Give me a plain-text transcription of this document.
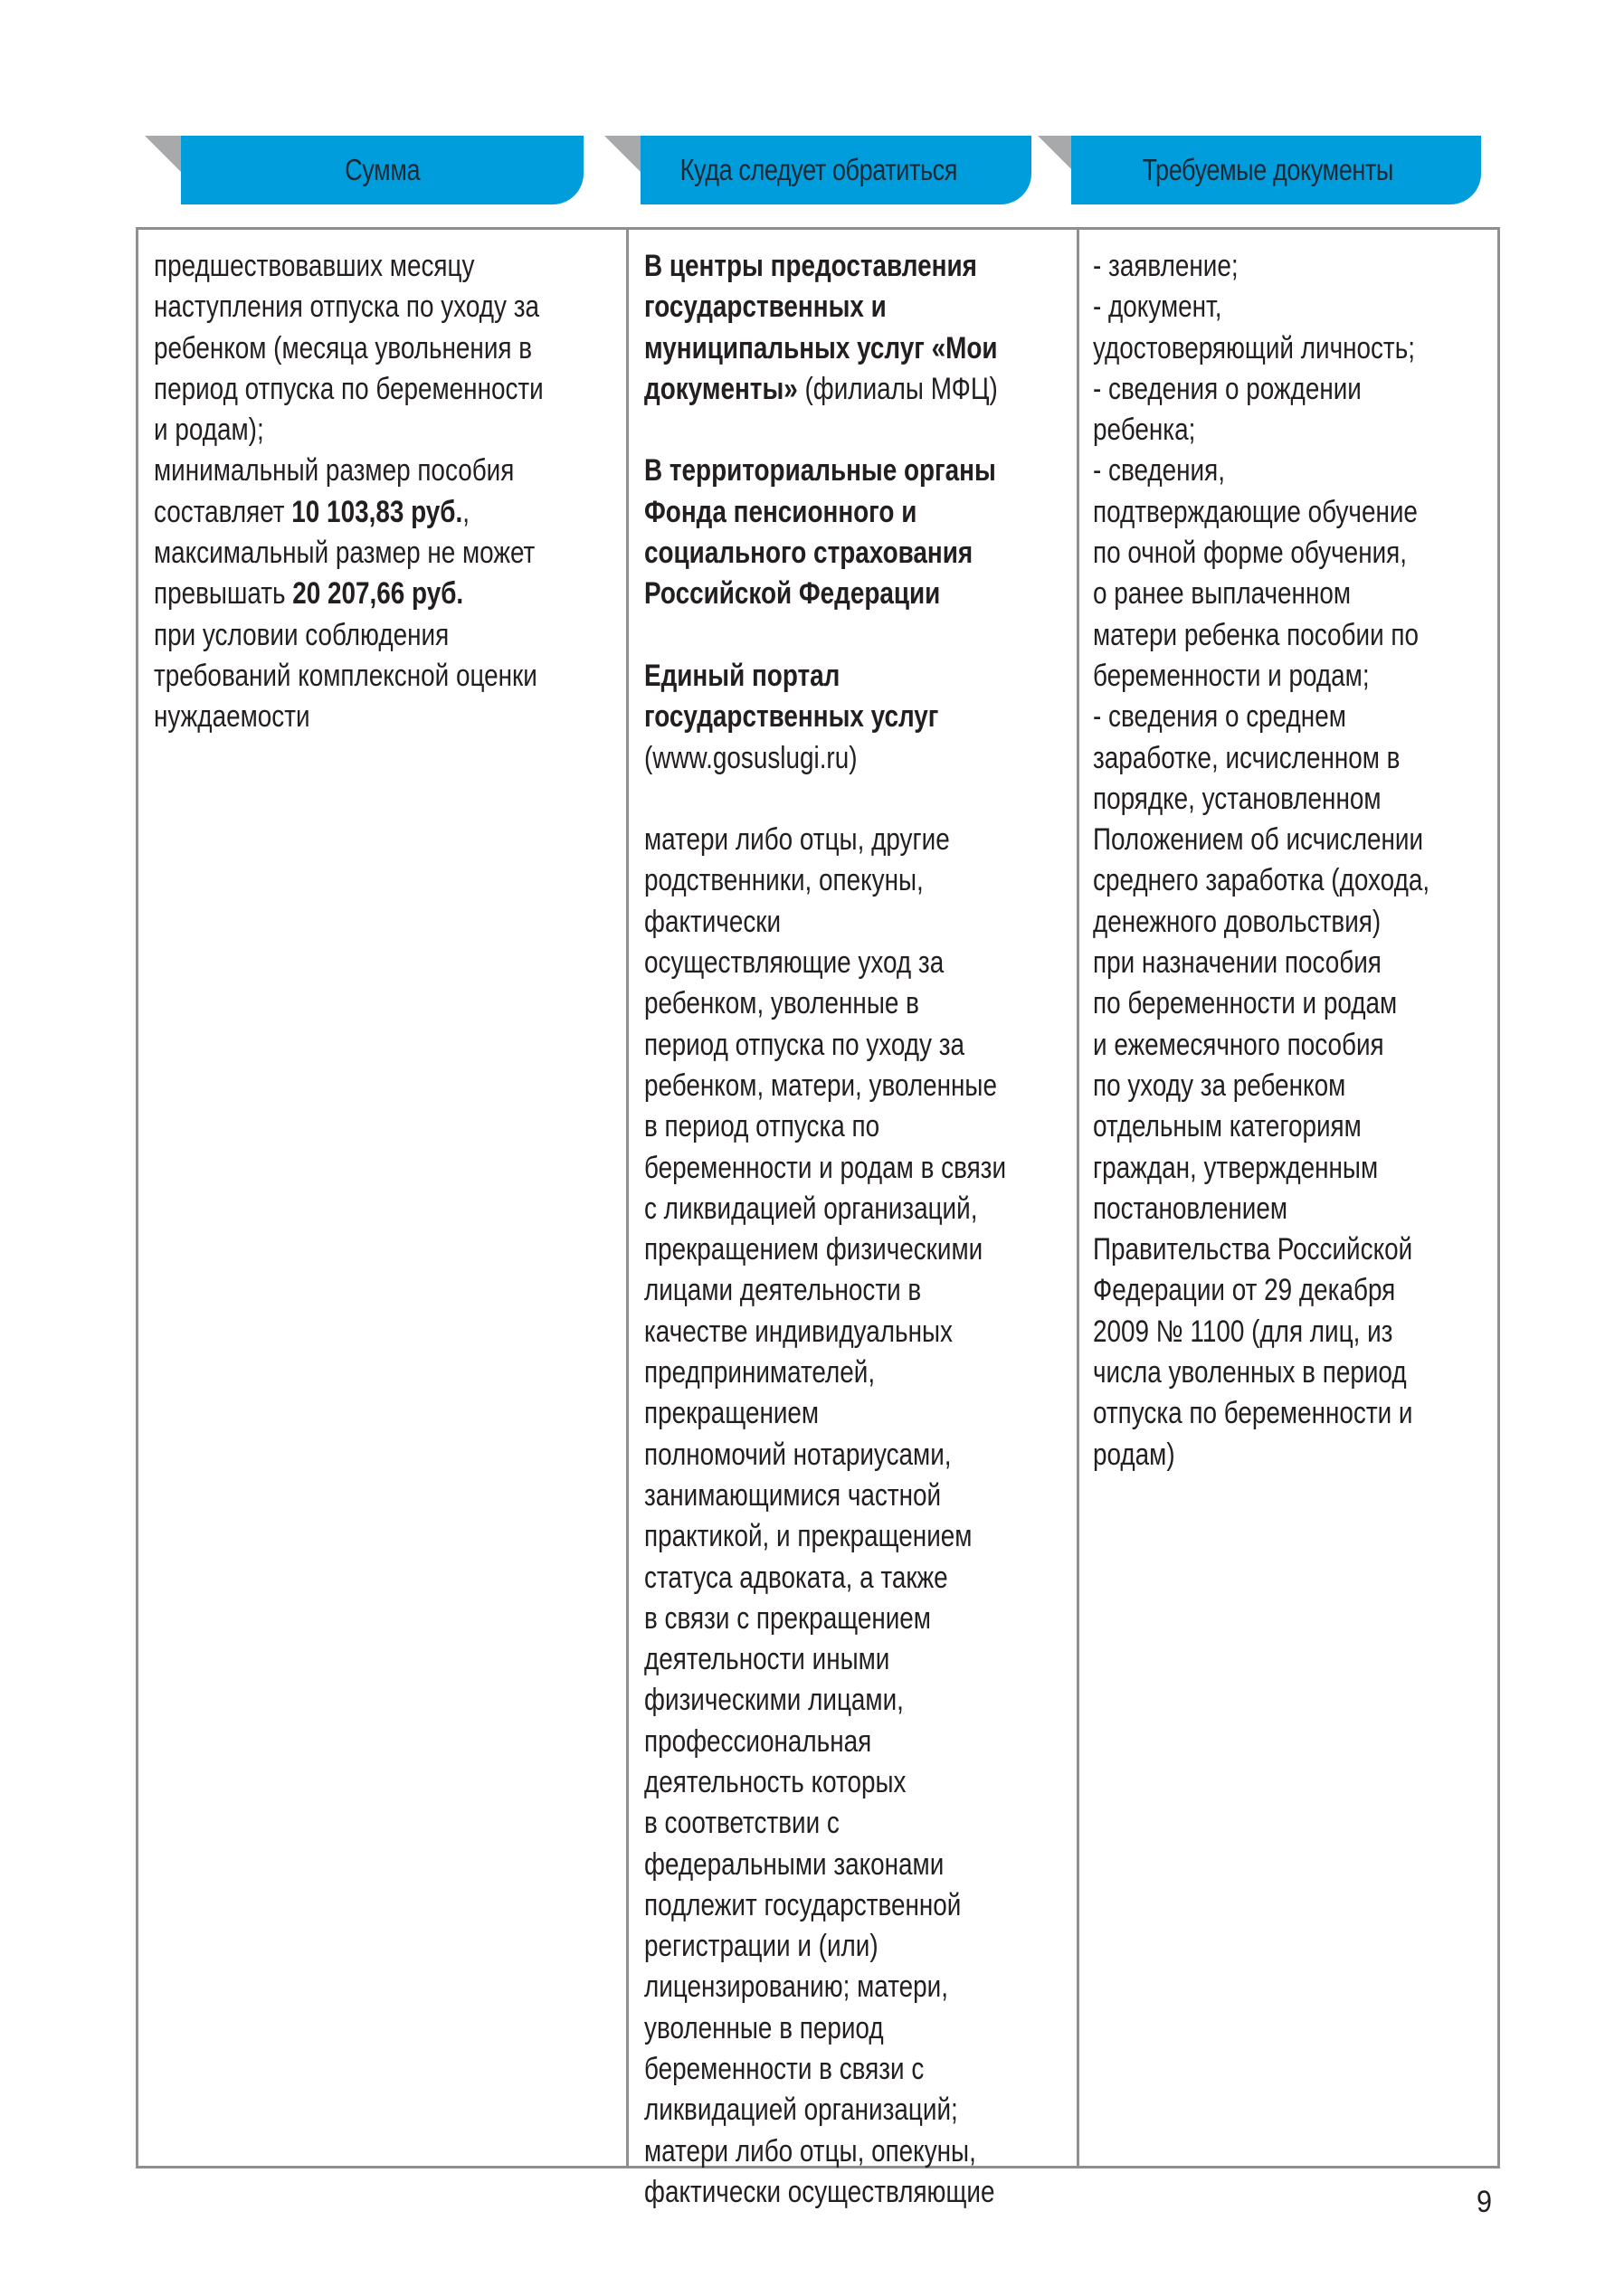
Сумма	Куда следует обратиться	Требуемые документы
предшествовавших месяцу
наступления отпуска по уходу за
ребенком (месяца увольнения в
период отпуска по беременности
и родам);
минимальный размер пособия
составляет 10 103,83 руб.,
максимальный размер не может
превышать 20 207,66 руб.
при условии соблюдения
требований комплексной оценки
нуждаемости
В центры предоставления
государственных и
муниципальных услуг «Мои
документы» (филиалы МФЦ)
В территориальные органы
Фонда пенсионного и
социального страхования
Российской Федерации
Единый портал
государственных услуг
(www.gosuslugi.ru)
матери либо отцы, другие
родственники, опекуны,
фактически
осуществляющие уход за
ребенком, уволенные в
период отпуска по уходу за
ребенком, матери, уволенные
в период отпуска по
беременности и родам в связи
с ликвидацией организаций,
прекращением физическими
лицами деятельности в
качестве индивидуальных
предпринимателей,
прекращением
полномочий нотариусами,
занимающимися частной
практикой, и прекращением
статуса адвоката, а также
в связи с прекращением
деятельности иными
физическими лицами,
профессиональная
деятельность которых
в соответствии с
федеральными законами
подлежит государственной
регистрации и (или)
лицензированию; матери,
уволенные в период
беременности в связи с
ликвидацией организаций;
матери либо отцы, опекуны,
фактически осуществляющие
- заявление;
- документ,
удостоверяющий личность;
- сведения о рождении
ребенка;
- сведения,
подтверждающие обучение
по очной форме обучения,
о ранее выплаченном
матери ребенка пособии по
беременности и родам;
- сведения о среднем
заработке, исчисленном в
порядке, установленном
Положением об исчислении
среднего заработка (дохода,
денежного довольствия)
при назначении пособия
по беременности и родам
и ежемесячного пособия
по уходу за ребенком
отдельным категориям
граждан, утвержденным
постановлением
Правительства Российской
Федерации от 29 декабря
2009 № 1100 (для лиц, из
числа уволенных в период
отпуска по беременности и
родам)
9
